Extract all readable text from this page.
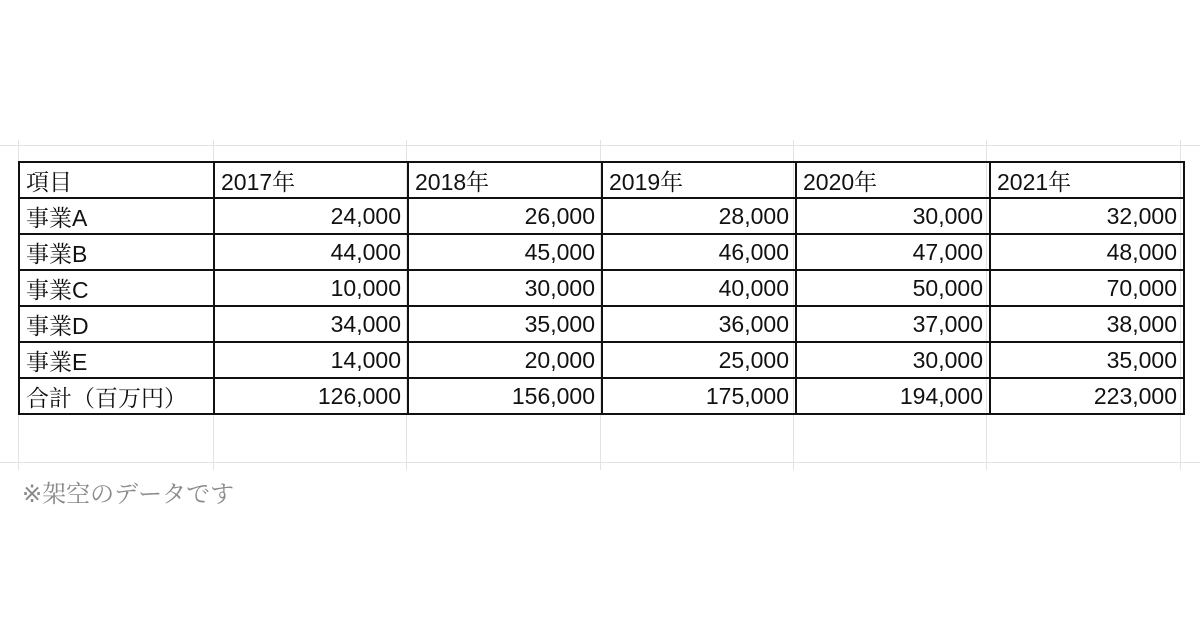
項目	2017年	2018年	2019年	2020年	2021年
事業A	24,000	26,000	28,000	30,000	32,000
事業B	44,000	45,000	46,000	47,000	48,000
事業C	10,000	30,000	40,000	50,000	70,000
事業D	34,000	35,000	36,000	37,000	38,000
事業E	14,000	20,000	25,000	30,000	35,000
合計（百万円）	126,000	156,000	175,000	194,000	223,000
※架空のデータです
